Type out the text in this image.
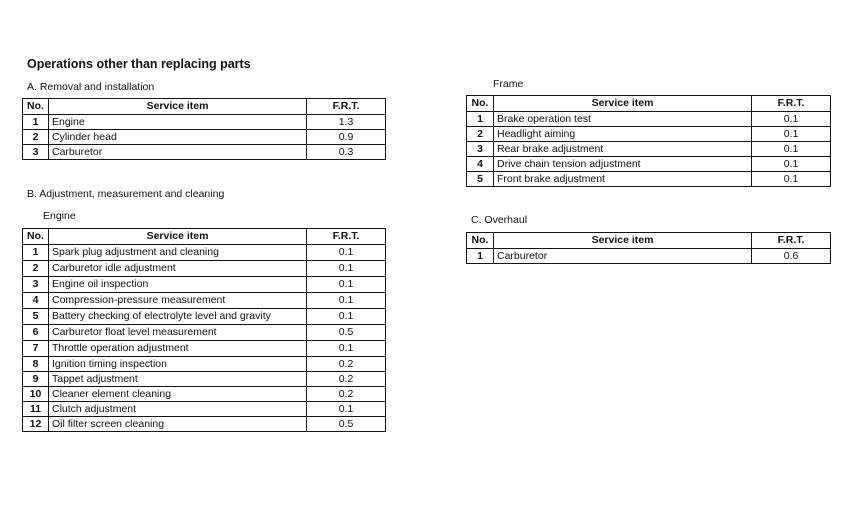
Operations other than replacing parts
A. Removal and installation
No.	Service item	F.R.T.
1	Engine	1.3
2	Cylinder head	0.9
3	Carburetor	0.3
B. Adjustment, measurement and cleaning
Engine
No.	Service item	F.R.T.
1	Spark plug adjustment and cleaning	0.1
2	Carburetor idle adjustment	0.1
3	Engine oil inspection	0.1
4	Compression-pressure measurement	0.1
5	Battery checking of electrolyte level and gravity	0.1
6	Carburetor float level measurement	0.5
7	Throttle operation adjustment	0.1
8	Ignition timing inspection	0.2
9	Tappet adjustment	0.2
10	Cleaner element cleaning	0.2
11	Clutch adjustment	0.1
12	Oil filter screen cleaning	0.5
Frame
No.	Service item	F.R.T.
1	Brake operation test	0.1
2	Headlight aiming	0.1
3	Rear brake adjustment	0.1
4	Drive chain tension adjustment	0.1
5	Front brake adjustment	0.1
C. Overhaul
No.	Service item	F.R.T.
1	Carburetor	0.6
